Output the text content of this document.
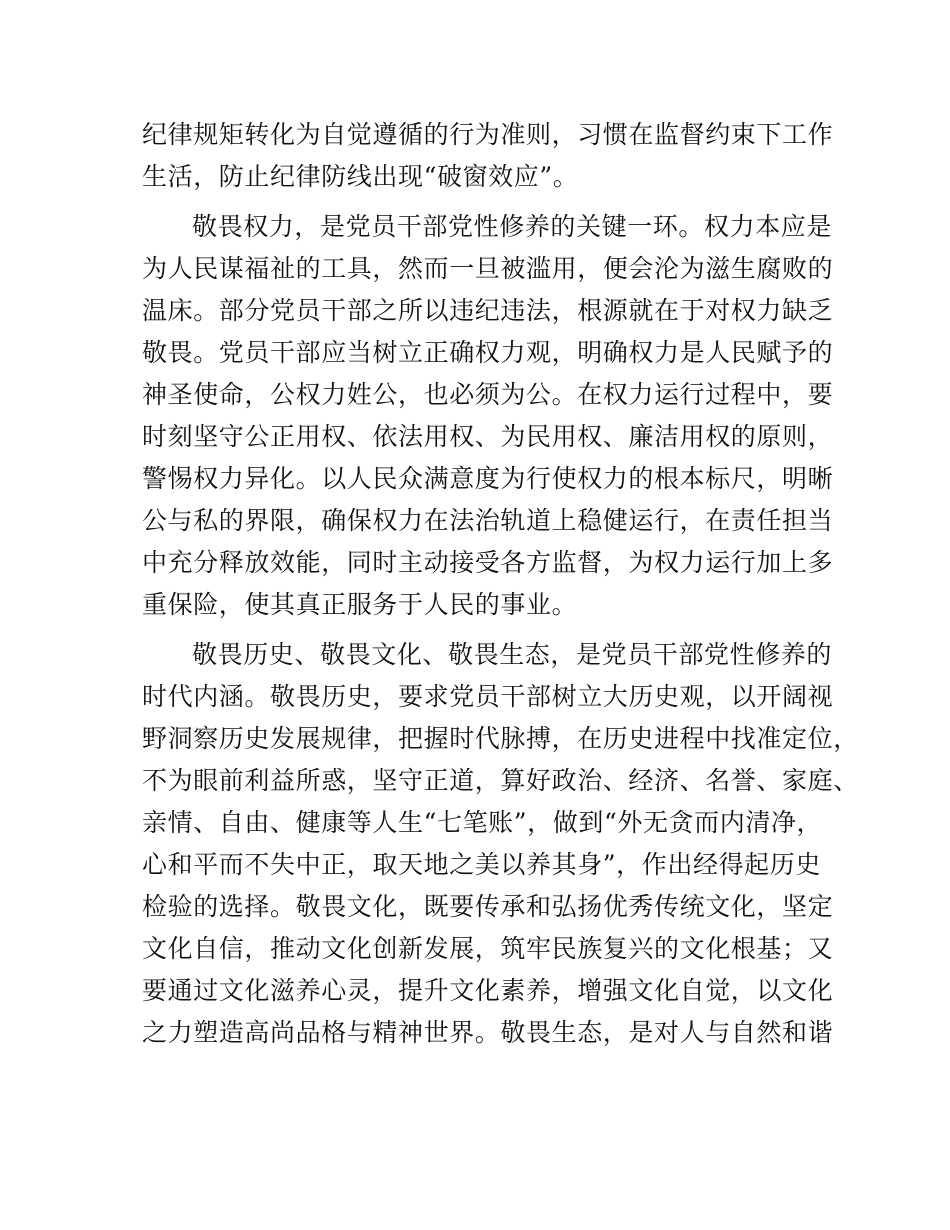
纪律规矩转化为自觉遵循的行为准则，习惯在监督约束下工作
生活，防止纪律防线出现“破窗效应”。
敬畏权力，是党员干部党性修养的关键一环。权力本应是
为人民谋福祉的工具，然而一旦被滥用，便会沦为滋生腐败的
温床。部分党员干部之所以违纪违法，根源就在于对权力缺乏
敬畏。党员干部应当树立正确权力观，明确权力是人民赋予的
神圣使命，公权力姓公，也必须为公。在权力运行过程中，要
时刻坚守公正用权、依法用权、为民用权、廉洁用权的原则，
警惕权力异化。以人民众满意度为行使权力的根本标尺，明晰
公与私的界限，确保权力在法治轨道上稳健运行，在责任担当
中充分释放效能，同时主动接受各方监督，为权力运行加上多
重保险，使其真正服务于人民的事业。
敬畏历史、敬畏文化、敬畏生态，是党员干部党性修养的
时代内涵。敬畏历史，要求党员干部树立大历史观，以开阔视
野洞察历史发展规律，把握时代脉搏，在历史进程中找准定位，
不为眼前利益所惑，坚守正道，算好政治、经济、名誉、家庭、
亲情、自由、健康等人生“七笔账”，做到“外无贪而内清净，
心和平而不失中正，取天地之美以养其身”，作出经得起历史
检验的选择。敬畏文化，既要传承和弘扬优秀传统文化，坚定
文化自信，推动文化创新发展，筑牢民族复兴的文化根基；又
要通过文化滋养心灵，提升文化素养，增强文化自觉，以文化
之力塑造高尚品格与精神世界。敬畏生态，是对人与自然和谐
